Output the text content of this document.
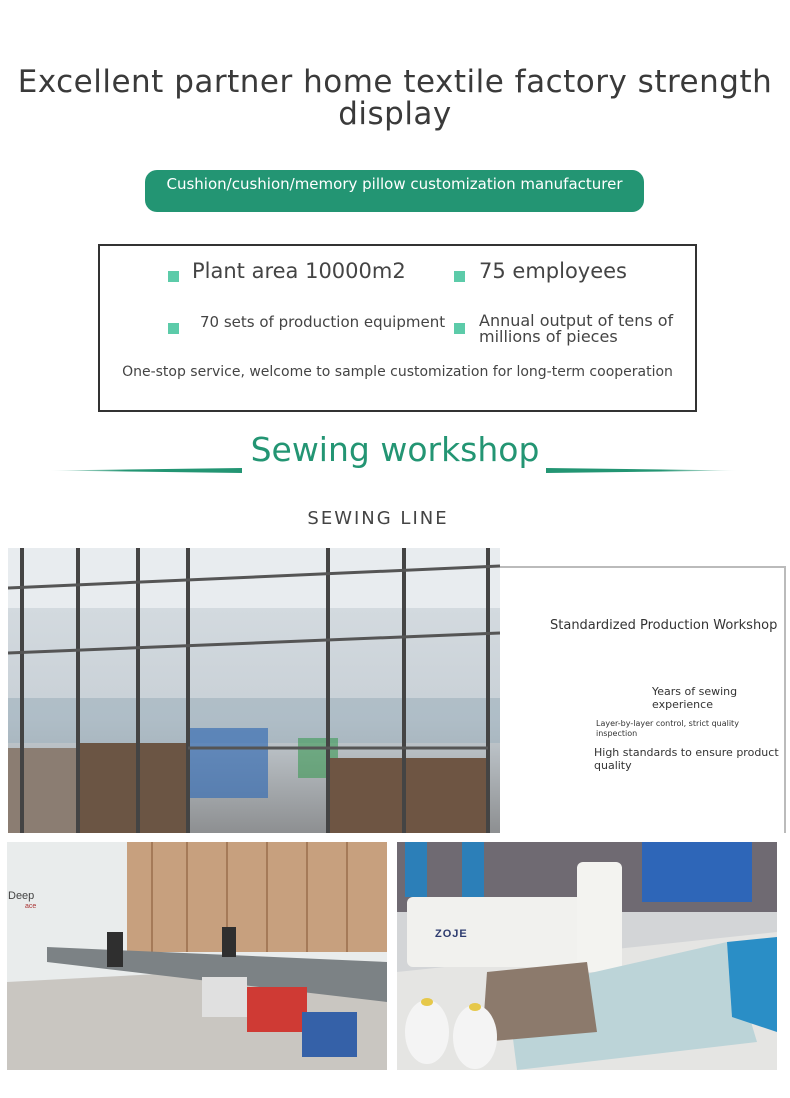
Excellent partner home textile factory strength
display
Cushion/cushion/memory pillow customization manufacturer
Plant area 10000m2	75 employees
70 sets of production equipment Annual output of tens of millions of pieces
One-stop service, welcome to sample customization for long-term cooperation
Sewing workshop
SEWING LINE
Standardized Production Workshop
Years of sewing experience
Layer-by-layer control, strict quality inspection
High standards to ensure product quality
Deep
ace
ZOJE
